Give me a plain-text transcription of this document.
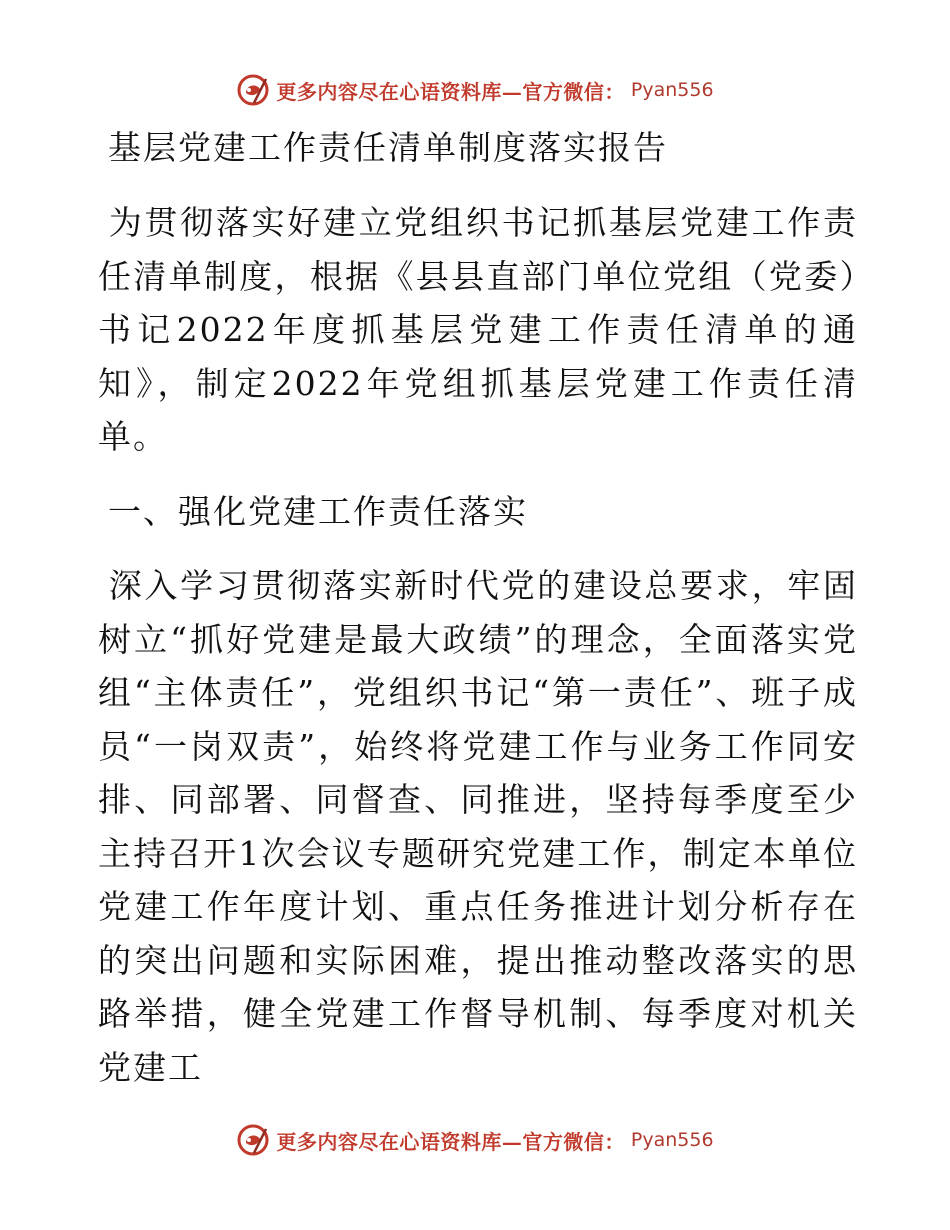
更多内容尽在心语资料库—官方微信： Pyan556
基层党建工作责任清单制度落实报告
为贯彻落实好建立党组织书记抓基层党建工作责任清单制度，根据《县县直部门单位党组（党委）书记2022年度抓基层党建工作责任清单的通知》，制定2022年党组抓基层党建工作责任清单。
一、强化党建工作责任落实
深入学习贯彻落实新时代党的建设总要求，牢固树立“抓好党建是最大政绩”的理念，全面落实党组“主体责任”，党组织书记“第一责任”、班子成员“一岗双责”，始终将党建工作与业务工作同安排、同部署、同督查、同推进，坚持每季度至少主持召开1次会议专题研究党建工作，制定本单位党建工作年度计划、重点任务推进计划分析存在的突出问题和实际困难，提出推动整改落实的思路举措，健全党建工作督导机制、每季度对机关党建工
更多内容尽在心语资料库—官方微信： Pyan556
